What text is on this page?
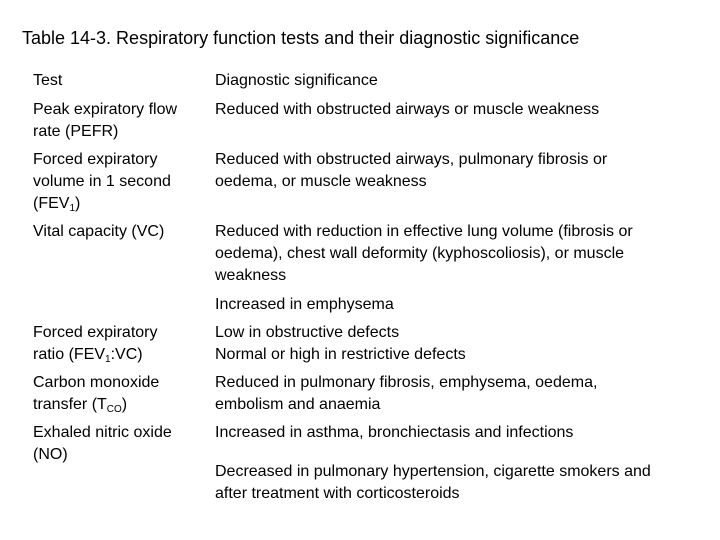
Table 14-3. Respiratory function tests and their diagnostic significance
Test	Diagnostic significance
Peak expiratory flow rate (PEFR)
Reduced with obstructed airways or muscle weakness
Forced expiratory volume in 1 second $(FEV_1)$
Reduced with obstructed airways, pulmonary fibrosis or oedema, or muscle weakness
Vital capacity (VC)	Reduced with reduction in effective lung volume (fibrosis or oedema), chest wall deformity (kyphoscoliosis), or muscle weakness
Increased in emphysema
Forced expiratory ratio $(FEV_1:VC)$
Low in obstructive defects
Normal or high in restrictive defects
Carbon monoxide transfer $(T_{CO})$
Reduced in pulmonary fibrosis, emphysema, oedema, embolism and anaemia
Exhaled nitric oxide (NO)
Increased in asthma, bronchiectasis and infections
Decreased in pulmonary hypertension, cigarette smokers and after treatment with corticosteroids
